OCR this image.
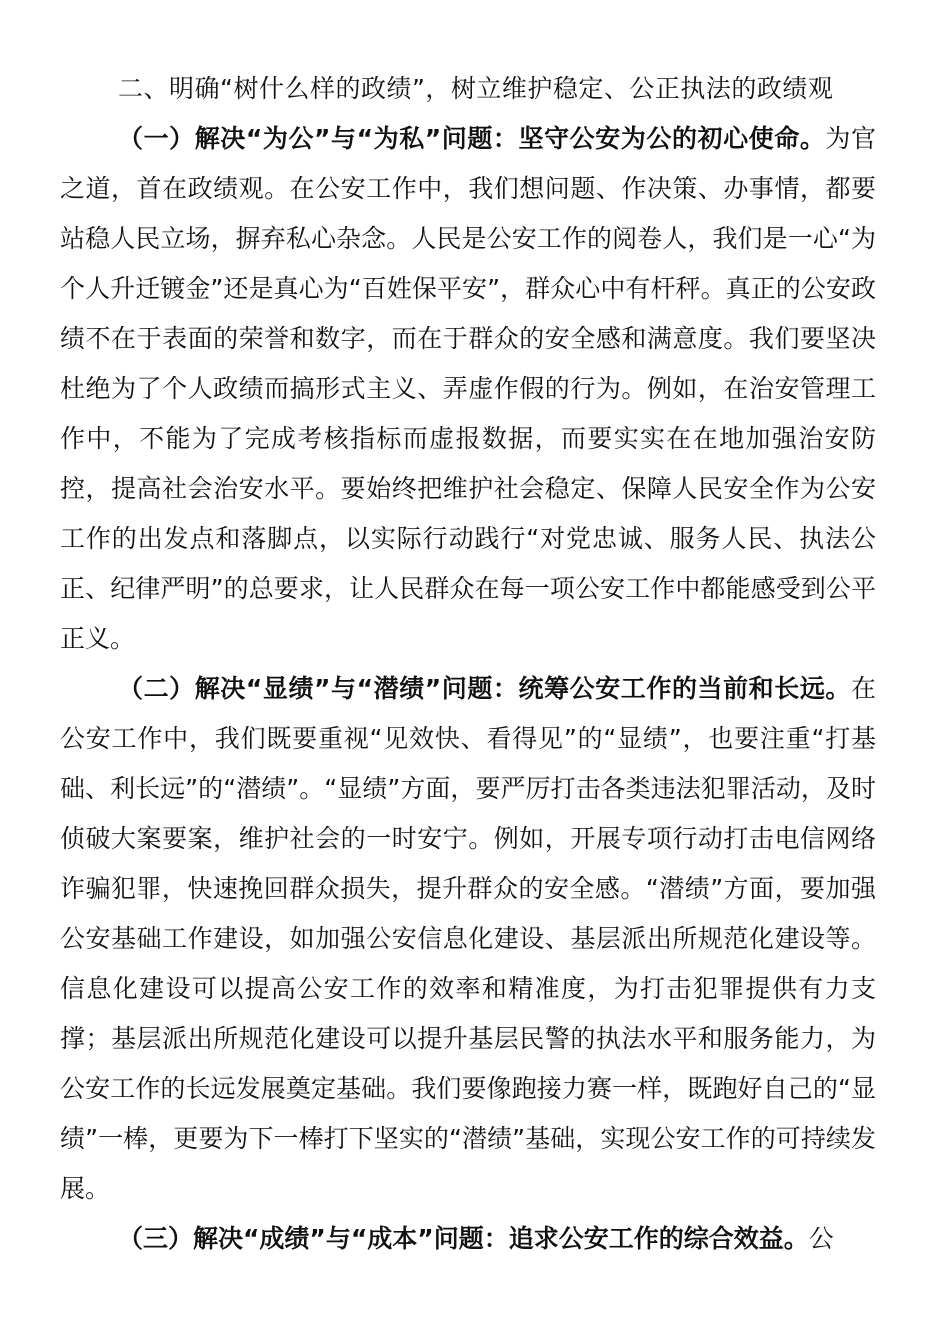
二、明确“树什么样的政绩”，树立维护稳定、公正执法的政绩观

（一）解决“为公”与“为私”问题：坚守公安为公的初心使命。为官之道，首在政绩观。在公安工作中，我们想问题、作决策、办事情，都要站稳人民立场，摒弃私心杂念。人民是公安工作的阅卷人，我们是一心“为个人升迁镀金”还是真心为“百姓保平安”，群众心中有杆秤。真正的公安政绩不在于表面的荣誉和数字，而在于群众的安全感和满意度。我们要坚决杜绝为了个人政绩而搞形式主义、弄虚作假的行为。例如，在治安管理工作中，不能为了完成考核指标而虚报数据，而要实实在在地加强治安防控，提高社会治安水平。要始终把维护社会稳定、保障人民安全作为公安工作的出发点和落脚点，以实际行动践行“对党忠诚、服务人民、执法公正、纪律严明”的总要求，让人民群众在每一项公安工作中都能感受到公平正义。

（二）解决“显绩”与“潜绩”问题：统筹公安工作的当前和长远。在公安工作中，我们既要重视“见效快、看得见”的“显绩”，也要注重“打基础、利长远”的“潜绩”。“显绩”方面，要严厉打击各类违法犯罪活动，及时侦破大案要案，维护社会的一时安宁。例如，开展专项行动打击电信网络诈骗犯罪，快速挽回群众损失，提升群众的安全感。“潜绩”方面，要加强公安基础工作建设，如加强公安信息化建设、基层派出所规范化建设等。信息化建设可以提高公安工作的效率和精准度，为打击犯罪提供有力支撑；基层派出所规范化建设可以提升基层民警的执法水平和服务能力，为公安工作的长远发展奠定基础。我们要像跑接力赛一样，既跑好自己的“显绩”一棒，更要为下一棒打下坚实的“潜绩”基础，实现公安工作的可持续发展。

（三）解决“成绩”与“成本”问题：追求公安工作的综合效益。公
